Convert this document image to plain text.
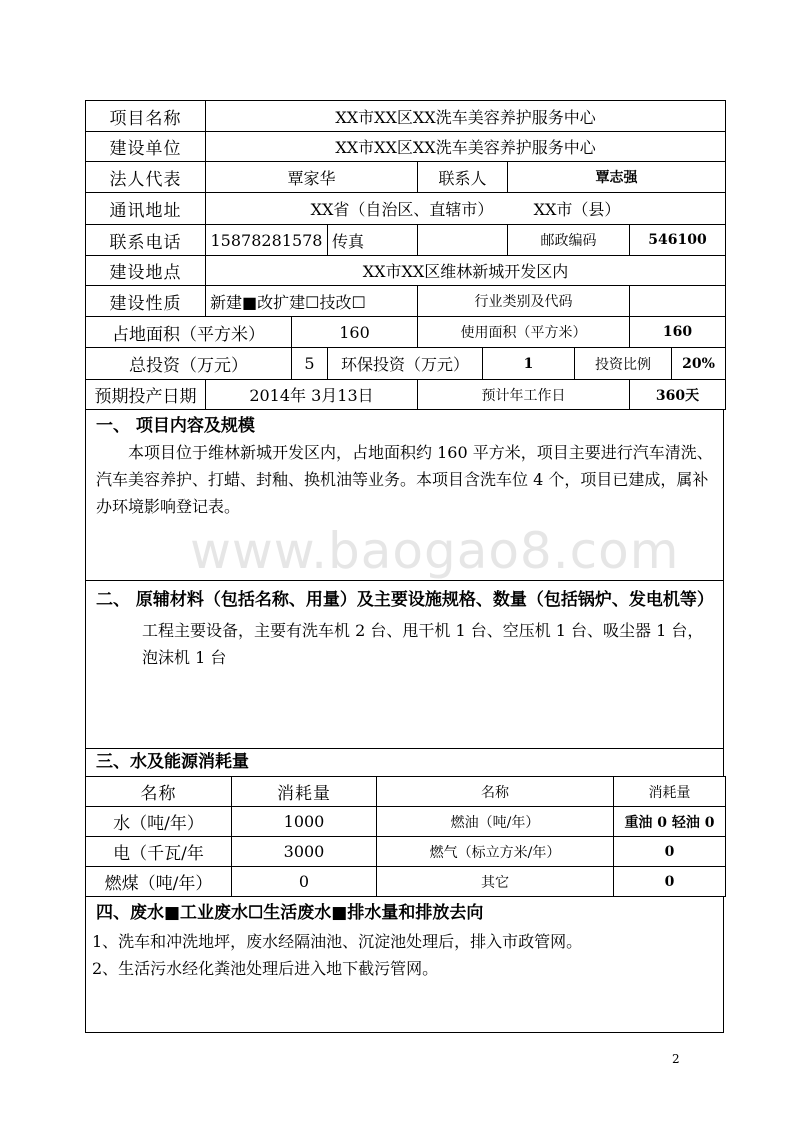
项目名称	XX市XX区XX洗车美容养护服务中心								
建设单位	XX市XX区XX洗车美容养护服务中心								
法人代表	覃家华			联系人		覃志强			
通讯地址	XX省（自治区、直辖市） XX市（县）								
联系电话	15878281578		传真			邮政编码		546100	
建设地点	XX市XX区维林新城开发区内								
建设性质	新建■改扩建☐技改☐			行业类别及代码					
占地面积（平方米）		160		使用面积（平方米）				160	
总投资（万元）		5	环保投资（万元）		1		投资比例		20%
预期投产日期	2014年 3月13日			预计年工作日				360天	
一、 项目内容及规模
本项目位于维林新城开发区内，占地面积约 160 平方米，项目主要进行汽车清洗、汽车美容养护、打蜡、封釉、换机油等业务。本项目含洗车位 4 个，项目已建成，属补办环境影响登记表。
www.baogao8.com
二、 原辅材料（包括名称、用量）及主要设施规格、数量（包括锅炉、发电机等）
工程主要设备，主要有洗车机 2 台、甩干机 1 台、空压机 1 台、吸尘器 1 台，泡沫机 1 台
三、水及能源消耗量
名称	消耗量	名称	消耗量
水（吨/年）	1000	燃油（吨/年）	重油 0 轻油 0
电（千瓦/年	3000	燃气（标立方米/年）	0
燃煤（吨/年）	0	其它	0
四、废水■工业废水☐生活废水■排水量和排放去向
1、洗车和冲洗地坪，废水经隔油池、沉淀池处理后，排入市政管网。
2、生活污水经化粪池处理后进入地下截污管网。
2
